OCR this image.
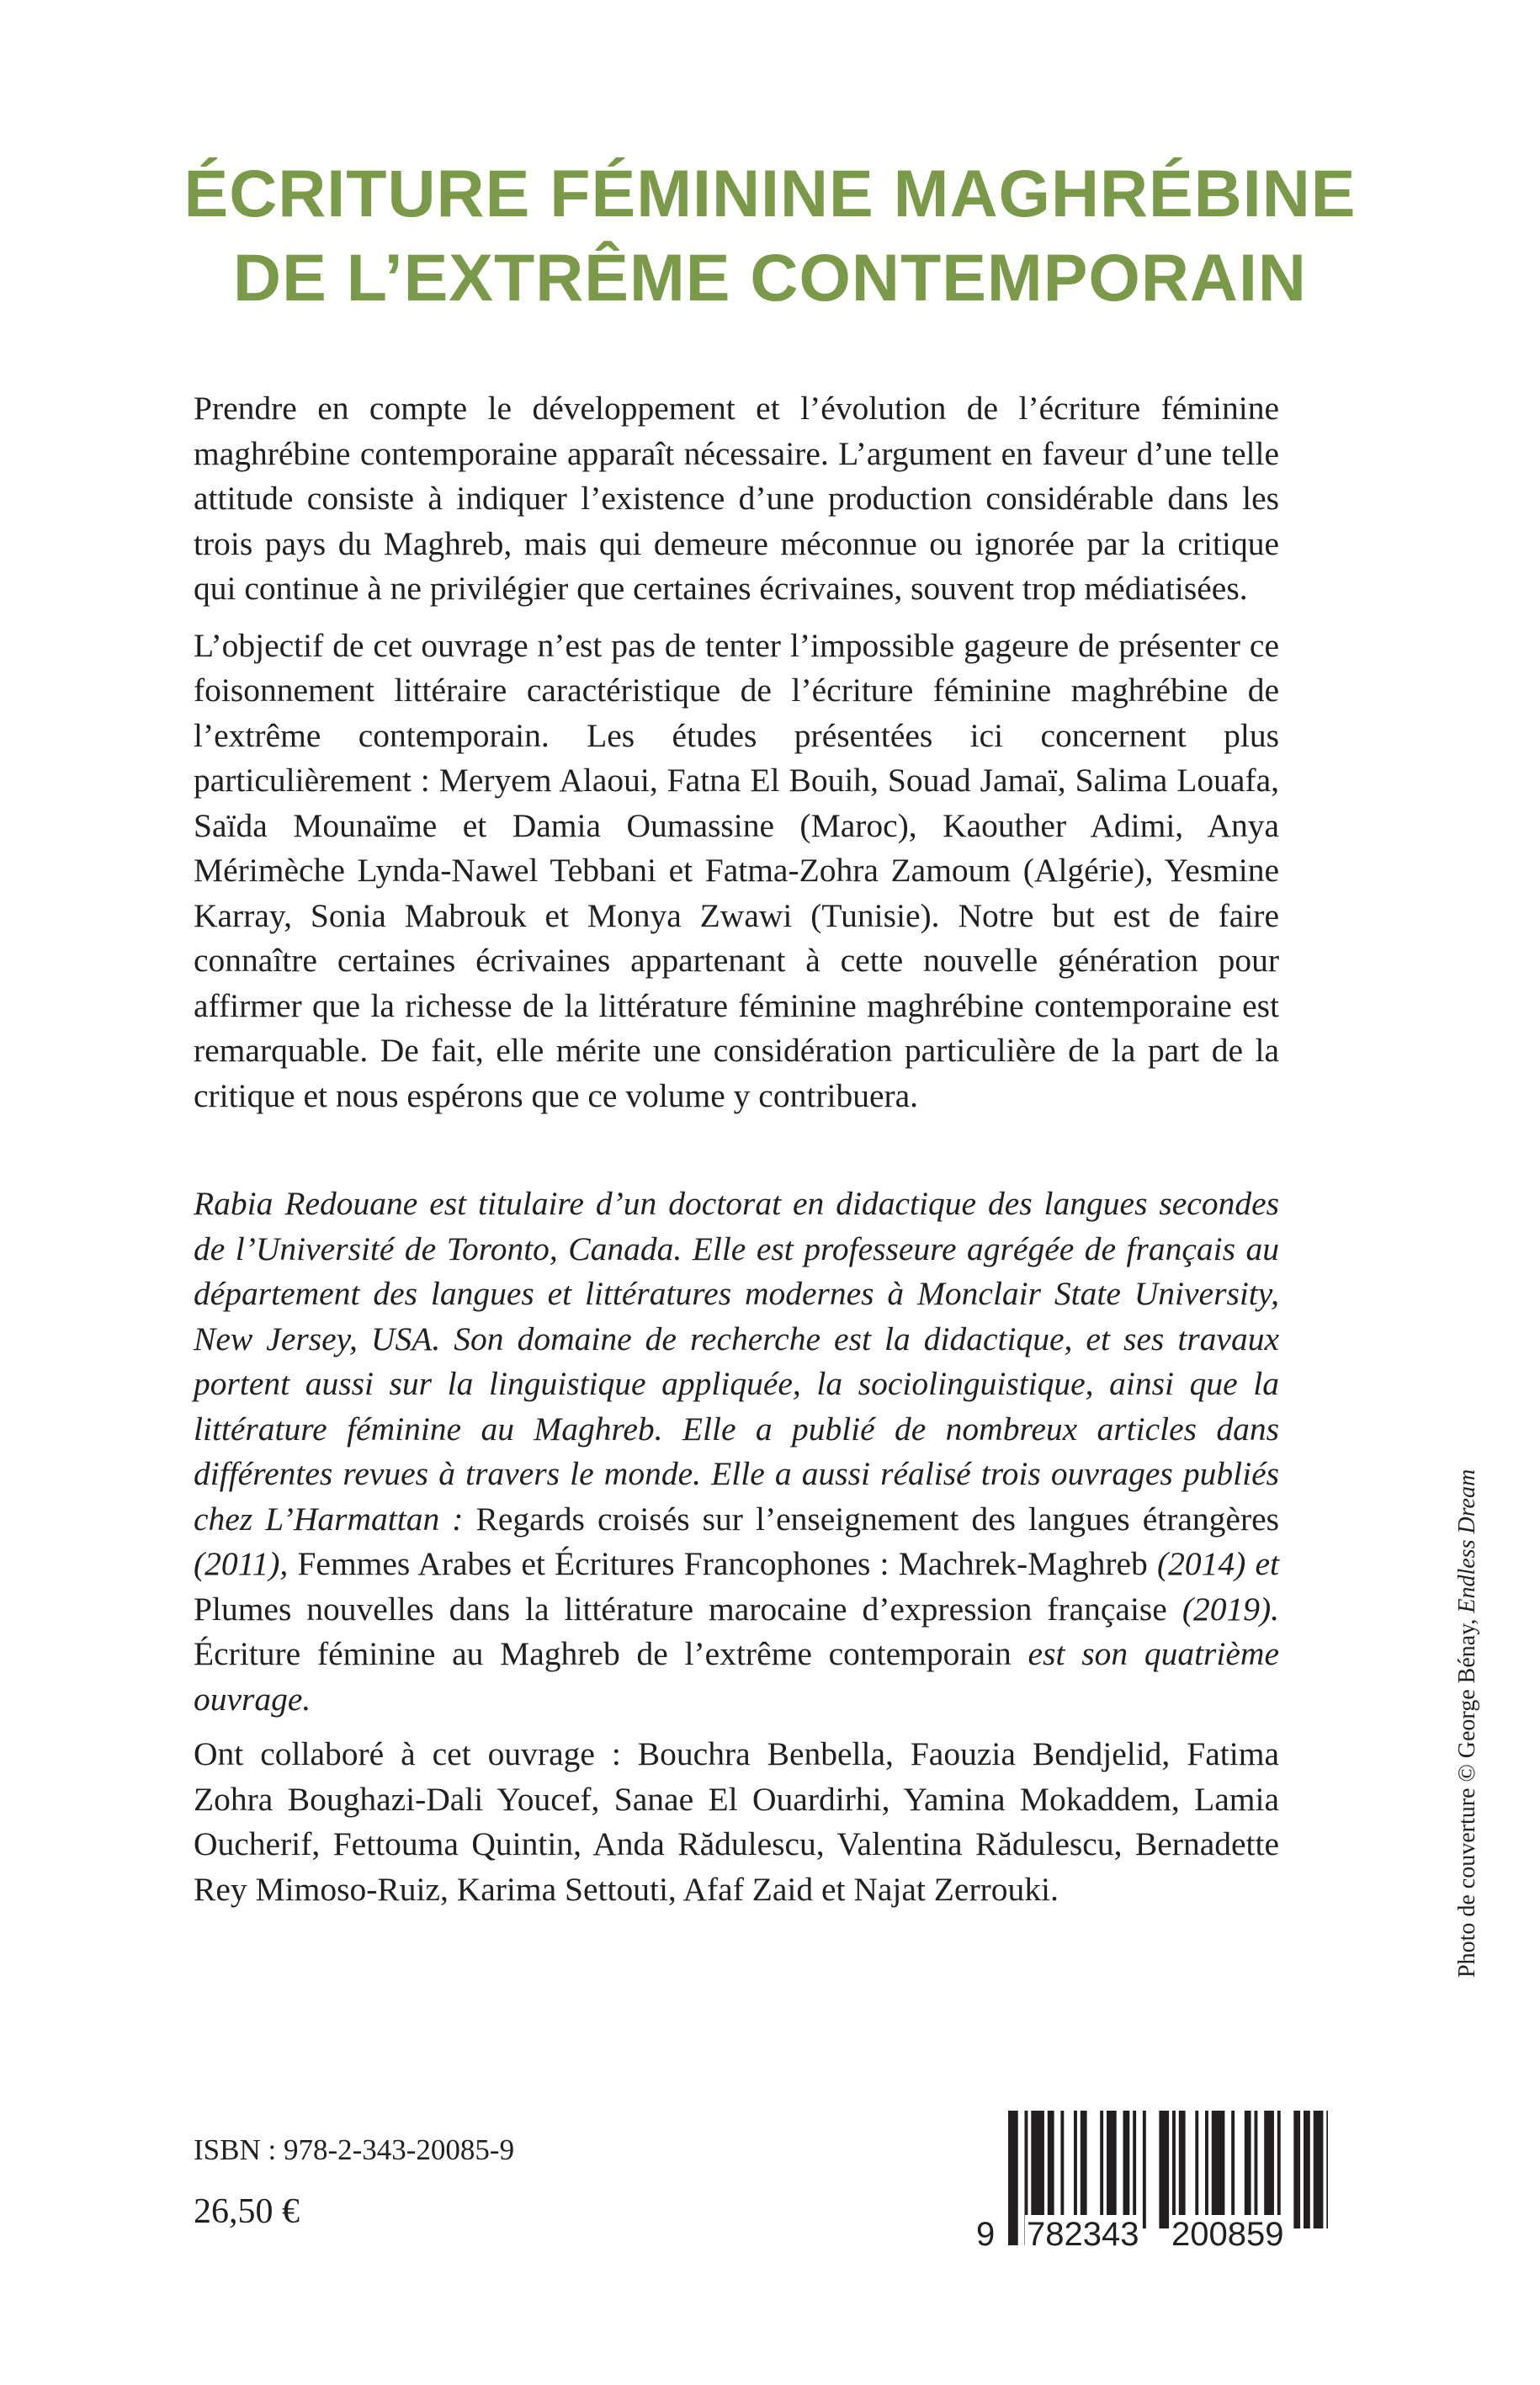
ÉCRITURE FÉMININE MAGHRÉBINE
DE L’EXTRÊME CONTEMPORAIN

Prendre en compte le développement et l’évolution de l’écriture féminine maghrébine contemporaine apparaît nécessaire. L’argument en faveur d’une telle attitude consiste à indiquer l’existence d’une production considérable dans les trois pays du Maghreb, mais qui demeure méconnue ou ignorée par la critique qui continue à ne privilégier que certaines écrivaines, souvent trop médiatisées.

L’objectif de cet ouvrage n’est pas de tenter l’impossible gageure de présenter ce foisonnement littéraire caractéristique de l’écriture féminine maghrébine de l’extrême contemporain. Les études présentées ici concernent plus particulièrement : Meryem Alaoui, Fatna El Bouih, Souad Jamaï, Salima Louafa, Saïda Mounaïme et Damia Oumassine (Maroc), Kaouther Adimi, Anya Mérimèche Lynda-Nawel Tebbani et Fatma-Zohra Zamoum (Algérie), Yesmine Karray, Sonia Mabrouk et Monya Zwawi (Tunisie). Notre but est de faire connaître certaines écrivaines appartenant à cette nouvelle génération pour affirmer que la richesse de la littérature féminine maghrébine contemporaine est remarquable. De fait, elle mérite une considération particulière de la part de la critique et nous espérons que ce volume y contribuera.

Rabia Redouane est titulaire d’un doctorat en didactique des langues secondes de l’Université de Toronto, Canada. Elle est professeure agrégée de français au département des langues et littératures modernes à Monclair State University, New Jersey, USA. Son domaine de recherche est la didactique, et ses travaux portent aussi sur la linguistique appliquée, la sociolinguistique, ainsi que la littérature féminine au Maghreb. Elle a publié de nombreux articles dans différentes revues à travers le monde. Elle a aussi réalisé trois ouvrages publiés chez L’Harmattan : Regards croisés sur l’enseignement des langues étrangères (2011), Femmes Arabes et Écritures Francophones : Machrek-Maghreb (2014) et Plumes nouvelles dans la littérature marocaine d’expression française (2019). Écriture féminine au Maghreb de l’extrême contemporain est son quatrième ouvrage.

Ont collaboré à cet ouvrage : Bouchra Benbella, Faouzia Bendjelid, Fatima Zohra Boughazi-Dali Youcef, Sanae El Ouardirhi, Yamina Mokaddem, Lamia Oucherif, Fettouma Quintin, Anda Rădulescu, Valentina Rădulescu, Bernadette Rey Mimoso-Ruiz, Karima Settouti, Afaf Zaid et Najat Zerrouki.	Photo de couverture © George Bénay, Endless Dream
ISBN : 978-2-343-20085-9
26,50 €
9 782343 200859
